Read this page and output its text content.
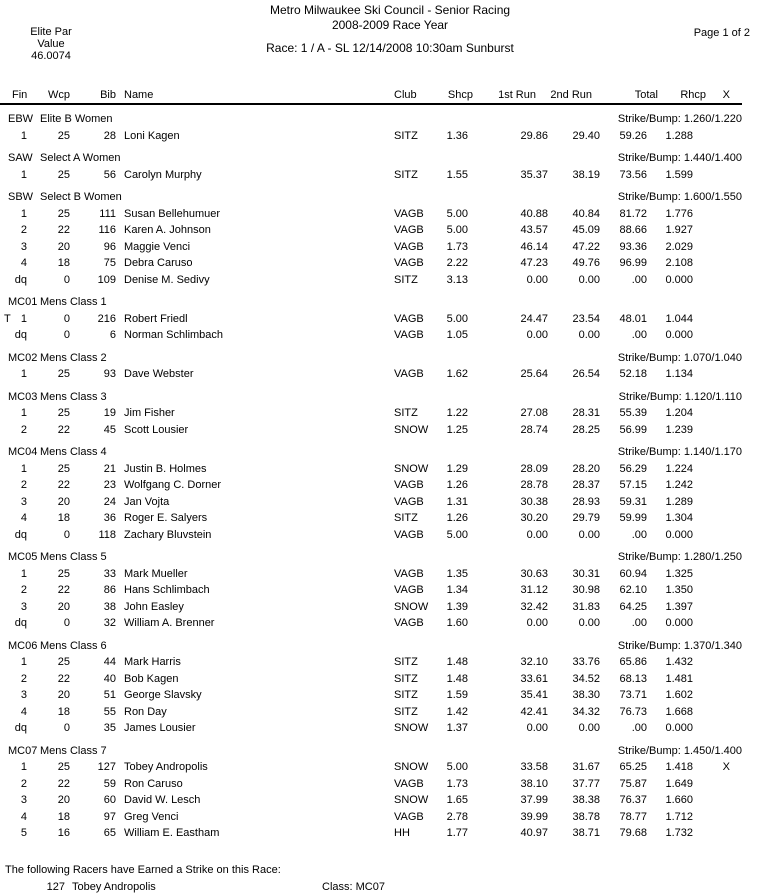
Metro Milwaukee Ski Council - Senior Racing
2008-2009 Race Year
Elite Par
Value
46.0074
Page 1 of 2
Race: 1 / A - SL 12/14/2008 10:30am Sunburst
Fin	Wcp	Bib Name	Club	Shcp	1st Run	2nd Run	Total	Rhcp	X
EBW Elite B Women	Strike/Bump: 1.260/1.220
1	25	28 Loni Kagen	SITZ	1.36	29.86	29.40	59.26	1.288
SAW Select A Women	Strike/Bump: 1.440/1.400
1	25	56 Carolyn Murphy	SITZ	1.55	35.37	38.19	73.56	1.599
SBW Select B Women	Strike/Bump: 1.600/1.550
1	25	111 Susan Bellehumuer	VAGB	5.00	40.88	40.84	81.72	1.776
2	22	116 Karen A. Johnson	VAGB	5.00	43.57	45.09	88.66	1.927
3	20	96 Maggie Venci	VAGB	1.73	46.14	47.22	93.36	2.029
4	18	75 Debra Caruso	VAGB	2.22	47.23	49.76	96.99	2.108
dq	0	109 Denise M. Sedivy	SITZ	3.13	0.00	0.00	.00	0.000
MC01 Mens Class 1
T 1	0	216 Robert Friedl	VAGB	5.00	24.47	23.54	48.01	1.044
dq	0	6 Norman Schlimbach	VAGB	1.05	0.00	0.00	.00	0.000
MC02 Mens Class 2	Strike/Bump: 1.070/1.040
1	25	93 Dave Webster	VAGB	1.62	25.64	26.54	52.18	1.134
MC03 Mens Class 3	Strike/Bump: 1.120/1.110
1	25	19 Jim Fisher	SITZ	1.22	27.08	28.31	55.39	1.204
2	22	45 Scott Lousier	SNOW	1.25	28.74	28.25	56.99	1.239
MC04 Mens Class 4	Strike/Bump: 1.140/1.170
1	25	21 Justin B. Holmes	SNOW	1.29	28.09	28.20	56.29	1.224
2	22	23 Wolfgang C. Dorner	VAGB	1.26	28.78	28.37	57.15	1.242
3	20	24 Jan Vojta	VAGB	1.31	30.38	28.93	59.31	1.289
4	18	36 Roger E. Salyers	SITZ	1.26	30.20	29.79	59.99	1.304
dq	0	118 Zachary Bluvstein	VAGB	5.00	0.00	0.00	.00	0.000
MC05 Mens Class 5	Strike/Bump: 1.280/1.250
1	25	33 Mark Mueller	VAGB	1.35	30.63	30.31	60.94	1.325
2	22	86 Hans Schlimbach	VAGB	1.34	31.12	30.98	62.10	1.350
3	20	38 John Easley	SNOW	1.39	32.42	31.83	64.25	1.397
dq	0	32 William A. Brenner	VAGB	1.60	0.00	0.00	.00	0.000
MC06 Mens Class 6	Strike/Bump: 1.370/1.340
1	25	44 Mark Harris	SITZ	1.48	32.10	33.76	65.86	1.432
2	22	40 Bob Kagen	SITZ	1.48	33.61	34.52	68.13	1.481
3	20	51 George Slavsky	SITZ	1.59	35.41	38.30	73.71	1.602
4	18	55 Ron Day	SITZ	1.42	42.41	34.32	76.73	1.668
dq	0	35 James Lousier	SNOW	1.37	0.00	0.00	.00	0.000
MC07 Mens Class 7	Strike/Bump: 1.450/1.400
1	25	127 Tobey Andropolis	SNOW	5.00	33.58	31.67	65.25	1.418	X
2	22	59 Ron Caruso	VAGB	1.73	38.10	37.77	75.87	1.649
3	20	60 David W. Lesch	SNOW	1.65	37.99	38.38	76.37	1.660
4	18	97 Greg Venci	VAGB	2.78	39.99	38.78	78.77	1.712
5	16	65 William E. Eastham	HH	1.77	40.97	38.71	79.68	1.732
The following Racers have Earned a Strike on this Race:
127 Tobey Andropolis	Class: MC07
